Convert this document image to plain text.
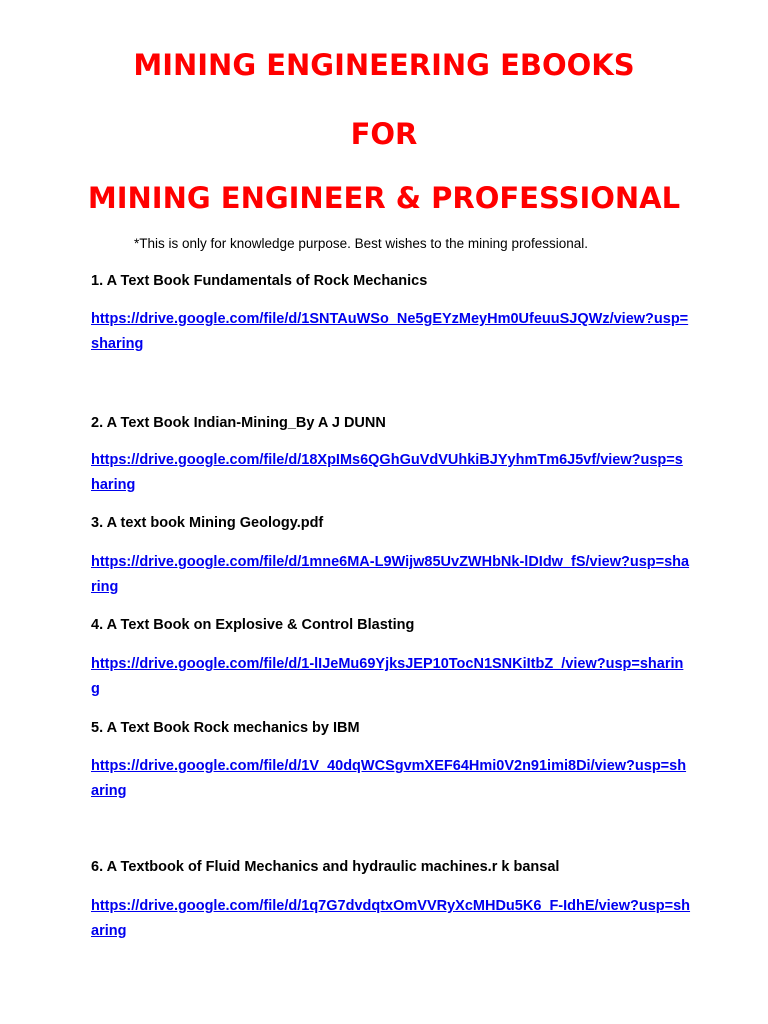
MINING ENGINEERING EBOOKS
FOR
MINING ENGINEER & PROFESSIONAL
*This is only for knowledge purpose. Best wishes to the mining professional.
1. A Text Book Fundamentals of Rock Mechanics
https://drive.google.com/file/d/1SNTAuWSo_Ne5gEYzMeyHm0UfeuuSJQWz/view?usp=sharing
2. A Text Book Indian-Mining_By A J DUNN
https://drive.google.com/file/d/18XpIMs6QGhGuVdVUhkiBJYyhmTm6J5vf/view?usp=sharing
3. A text book Mining Geology.pdf
https://drive.google.com/file/d/1mne6MA-L9Wijw85UvZWHbNk-lDIdw_fS/view?usp=sharing
4. A Text Book on Explosive & Control Blasting
https://drive.google.com/file/d/1-lIJeMu69YjksJEP10TocN1SNKiItbZ_/view?usp=sharing
5. A Text Book Rock mechanics by IBM
https://drive.google.com/file/d/1V_40dqWCSgvmXEF64Hmi0V2n91imi8Di/view?usp=sharing
6. A Textbook of Fluid Mechanics and hydraulic machines.r k bansal
https://drive.google.com/file/d/1q7G7dvdqtxOmVVRyXcMHDu5K6_F-IdhE/view?usp=sharing
